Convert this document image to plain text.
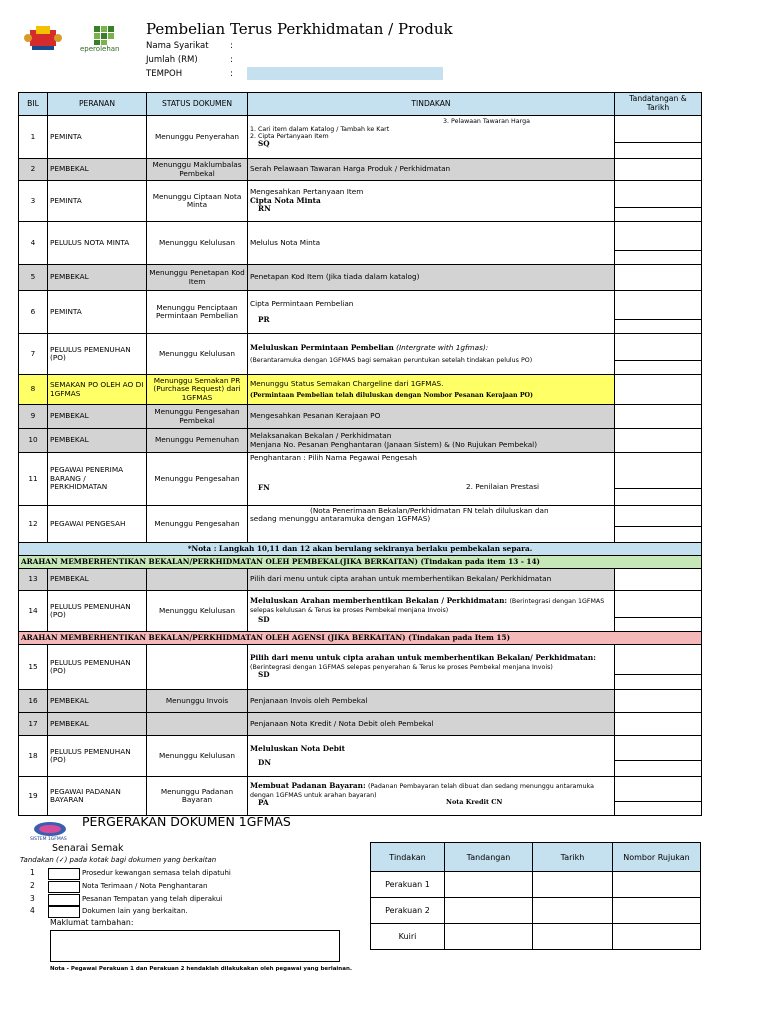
eperolehan
Pembelian Terus Perkhidmatan / Produk
Nama Syarikat	:
Jumlah (RM)	:
TEMPOH	:
BIL	PERANAN	STATUS DOKUMEN	TINDAKAN	Tandatangan & Tarikh
1	PEMINTA	Menunggu Penyerahan	1. Cari item dalam Katalog / Tambah ke Kart
2. Cipta Pertanyaan Item
SQ
3. Pelawaan Tawaran Harga	

2	PEMBEKAL	Menunggu Maklumbalas Pembekal	Serah Pelawaan Tawaran Harga Produk / Perkhidmatan	
3	PEMINTA	Menunggu Ciptaan Nota Minta	Mengesahkan Pertanyaan Item
Cipta Nota Minta
RN	

4	PELULUS NOTA MINTA	Menunggu Kelulusan	Melulus Nota Minta	

5	PEMBEKAL	Menunggu Penetapan Kod Item	Penetapan Kod Item (Jika tiada dalam katalog)	
6	PEMINTA	Menunggu Penciptaan Permintaan Pembelian	Cipta Permintaan Pembelian
PR	

7	PELULUS PEMENUHAN (PO)	Menunggu Kelulusan	Meluluskan Permintaan Pembelian (Intergrate with 1gfmas):
(Berantaramuka dengan 1GFMAS bagi semakan peruntukan setelah tindakan pelulus PO)	

8	SEMAKAN PO OLEH AO DI 1GFMAS	Menunggu Semakan PR (Purchase Request) dari 1GFMAS	Menunggu Status Semakan Chargeline dari 1GFMAS.
(Permintaan Pembelian telah diluluskan dengan Nombor Pesanan Kerajaan PO)	

9	PEMBEKAL	Menunggu Pengesahan Pembekal	Mengesahkan Pesanan Kerajaan PO	
10	PEMBEKAL	Menunggu Pemenuhan	Melaksanakan Bekalan / Perkhidmatan
Menjana No. Pesanan Penghantaran (Janaan Sistem) & (No Rujukan Pembekal)	

11	PEGAWAI PENERIMA BARANG / PERKHIDMATAN	Menunggu Pengesahan	Penghantaran : Pilih Nama Pegawai Pengesah
FN 2. Penilaian Prestasi	

12	PEGAWAI PENGESAH	Menunggu Pengesahan	(Nota Penerimaan Bekalan/Perkhidmatan FN telah diluluskan dan
sedang menunggu antaramuka dengan 1GFMAS)	

*Nota : Langkah 10,11 dan 12 akan berulang sekiranya berlaku pembekalan separa.				
ARAHAN MEMBERHENTIKAN BEKALAN/PERKHIDMATAN OLEH PEMBEKAL(JIKA BERKAITAN) (Tindakan pada item 13 - 14)				
13	PEMBEKAL		Pilih dari menu untuk cipta arahan untuk memberhentikan Bekalan/ Perkhidmatan	
14	PELULUS PEMENUHAN (PO)	Menunggu Kelulusan	Meluluskan Arahan memberhentikan Bekalan / Perkhidmatan: (Berintegrasi dengan 1GFMAS selepas kelulusan & Terus ke proses Pembekal menjana Invois)
SD	

ARAHAN MEMBERHENTIKAN BEKALAN/PERKHIDMATAN OLEH AGENSI (JIKA BERKAITAN) (Tindakan pada Item 15)				
15	PELULUS PEMENUHAN (PO)		Pilih dari menu untuk cipta arahan untuk memberhentikan Bekalan/ Perkhidmatan:(Berintegrasi dengan 1GFMAS selepas penyerahan & Terus ke proses Pembekal menjana Invois)
SD	

16	PEMBEKAL	Menunggu Invois	Penjanaan Invois oleh Pembekal	
17	PEMBEKAL		Penjanaan Nota Kredit / Nota Debit oleh Pembekal	
18	PELULUS PEMENUHAN (PO)	Menunggu Kelulusan	Meluluskan Nota Debit
DN	

19	PEGAWAI PADANAN BAYARAN	Menunggu Padanan Bayaran	Membuat Padanan Bayaran: (Padanan Pembayaran telah dibuat dan sedang menunggu antaramuka dengan 1GFMAS untuk arahan bayaran)
PA Nota Kredit CN	

SISTEM 1GFMAS
PERGERAKAN DOKUMEN 1GFMAS
Senarai Semak
Tandakan (✓) pada kotak bagi dokumen yang berkaitan
1	Prosedur kewangan semasa telah dipatuhi
2	Nota Terimaan / Nota Penghantaran
3	Pesanan Tempatan yang telah diperakui
4	Dokumen lain yang berkaitan.
Maklumat tambahan:
Nota - Pegawai Perakuan 1 dan Perakuan 2 hendaklah dilakukakan oleh pegawai yang berlainan.
Tindakan	Tandangan	Tarikh	Nombor Rujukan
Perakuan 1			
Perakuan 2			
Kuiri			
